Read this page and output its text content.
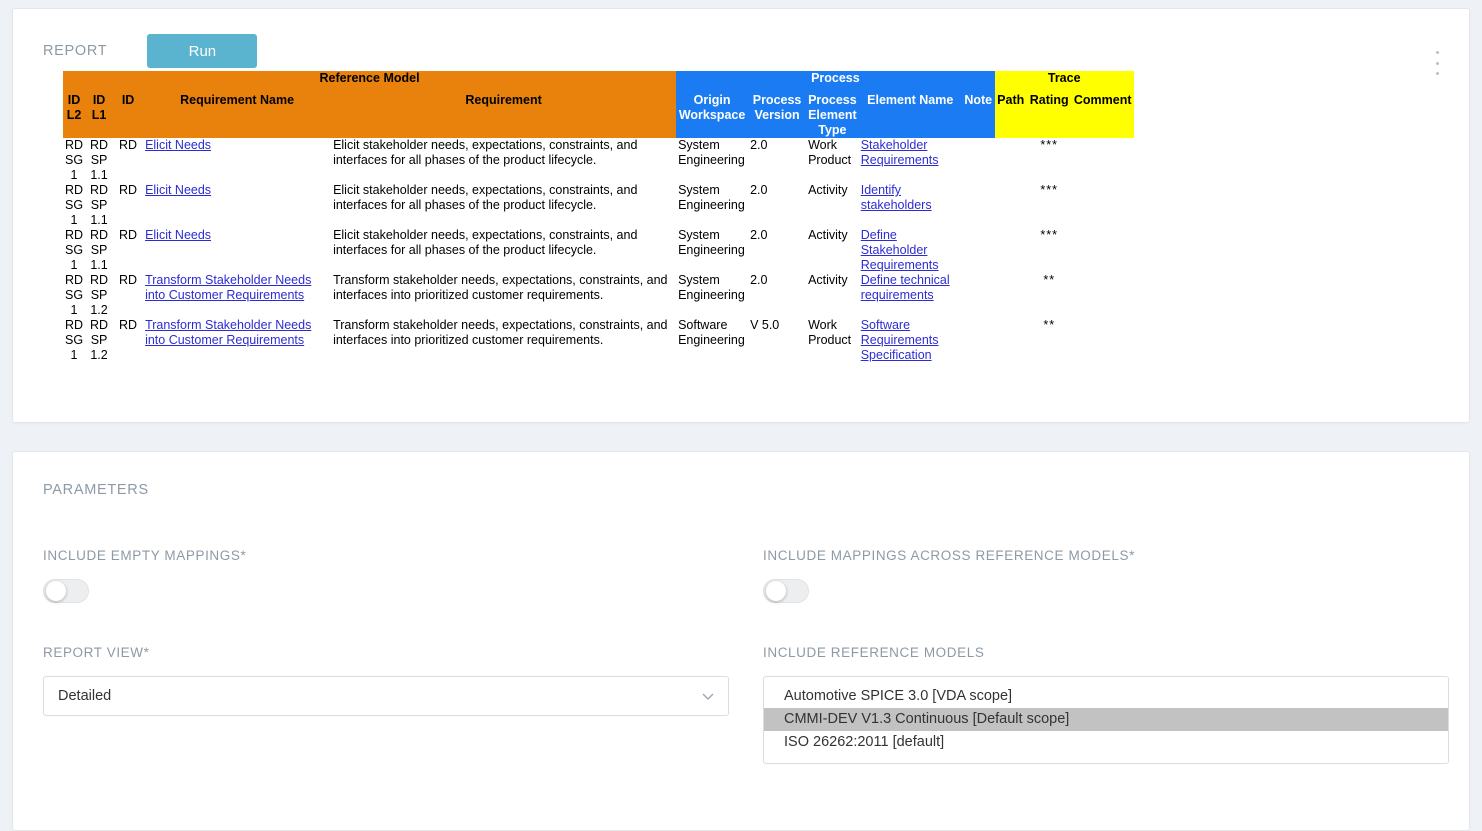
REPORT	Run
Reference Model					Process					Trace		
ID L2	ID L1	ID	Requirement Name	Requirement	Origin Workspace	Process Version	Process Element Type	Element Name	Note	Path	Rating	Comment
RD SG 1	RD SP 1.1	RD	Elicit Needs	Elicit stakeholder needs, expectations, constraints, and interfaces for all phases of the product lifecycle.	System Engineering	2.0	Work Product	Stakeholder Requirements			***	
RD SG 1	RD SP 1.1	RD	Elicit Needs	Elicit stakeholder needs, expectations, constraints, and interfaces for all phases of the product lifecycle.	System Engineering	2.0	Activity	Identify stakeholders			***	
RD SG 1	RD SP 1.1	RD	Elicit Needs	Elicit stakeholder needs, expectations, constraints, and interfaces for all phases of the product lifecycle.	System Engineering	2.0	Activity	Define Stakeholder Requirements			***	
RD SG 1	RD SP 1.2	RD	Transform Stakeholder Needs into Customer Requirements	Transform stakeholder needs, expectations, constraints, and interfaces into prioritized customer requirements.	System Engineering	2.0	Activity	Define technical requirements			**	
RD SG 1	RD SP 1.2	RD	Transform Stakeholder Needs into Customer Requirements	Transform stakeholder needs, expectations, constraints, and interfaces into prioritized customer requirements.	Software Engineering	V 5.0	Work Product	Software Requirements Specification			**	
PARAMETERS
INCLUDE EMPTY MAPPINGS*	INCLUDE MAPPINGS ACROSS REFERENCE MODELS*
REPORT VIEW*
Detailed
INCLUDE REFERENCE MODELS
Automotive SPICE 3.0 [VDA scope]
CMMI-DEV V1.3 Continuous [Default scope]
ISO 26262:2011 [default]
